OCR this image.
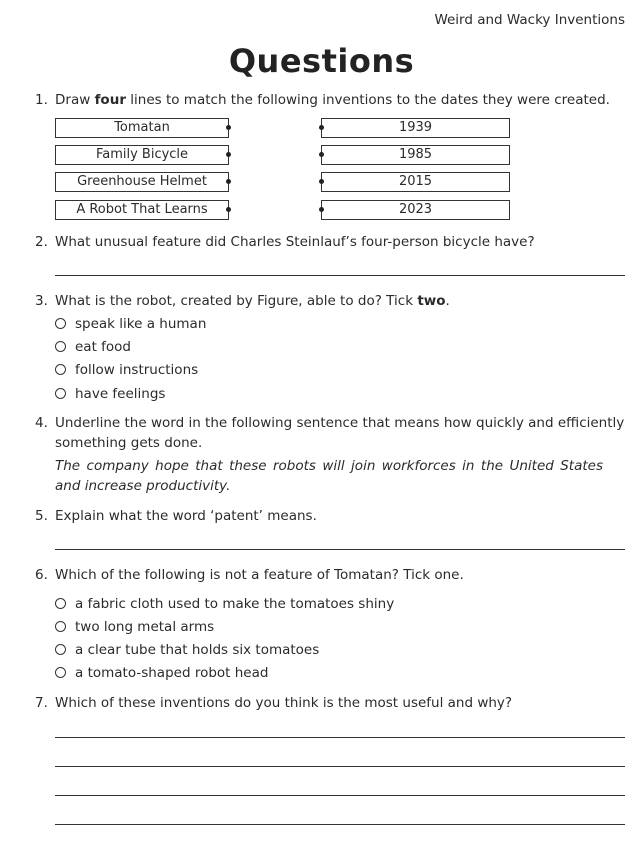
Weird and Wacky Inventions
Questions
1. Draw four lines to match the following inventions to the dates they were created.
Tomatan
Family Bicycle
Greenhouse Helmet
A Robot That Learns
1939
1985
2015
2023
2. What unusual feature did Charles Steinlauf’s four-person bicycle have?
3. What is the robot, created by Figure, able to do? Tick two.
speak like a human
eat food
follow instructions
have feelings
4. Underline the word in the following sentence that means how quickly and efficiently something gets done.
The company hope that these robots will join workforces in the United States and increase productivity.
5. Explain what the word ‘patent’ means.
6. Which of the following is not a feature of Tomatan? Tick one.
a fabric cloth used to make the tomatoes shiny
two long metal arms
a clear tube that holds six tomatoes
a tomato-shaped robot head
7. Which of these inventions do you think is the most useful and why?
